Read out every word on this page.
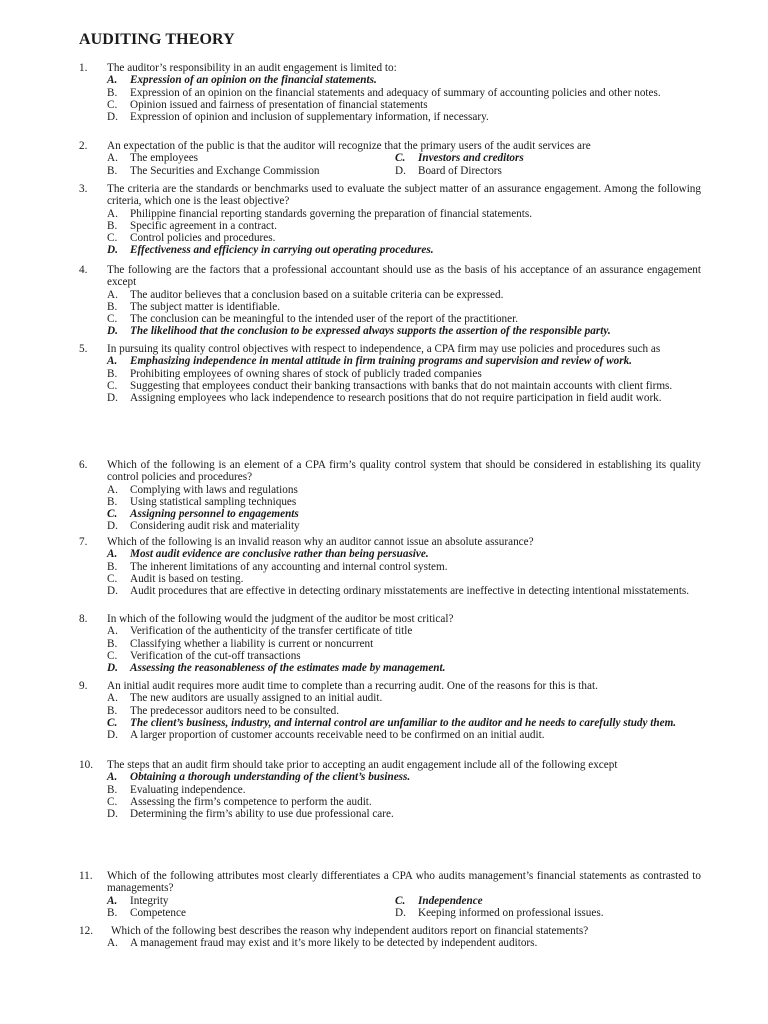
AUDITING THEORY
1. The auditor’s responsibility in an audit engagement is limited to:
A.	Expression of an opinion on the financial statements.
B.	Expression of an opinion on the financial statements and adequacy of summary of accounting policies and other notes.
C.	Opinion issued and fairness of presentation of financial statements
D.	Expression of opinion and inclusion of supplementary information, if necessary.
2. An expectation of the public is that the auditor will recognize that the primary users of the audit services are
A.	The employees	C.	Investors and creditors
B.	The Securities and Exchange Commission	D.	Board of Directors
3. The criteria are the standards or benchmarks used to evaluate the subject matter of an assurance engagement. Among the following criteria, which one is the least objective?
A.	Philippine financial reporting standards governing the preparation of financial statements.
B.	Specific agreement in a contract.
C.	Control policies and procedures.
D.	Effectiveness and efficiency in carrying out operating procedures.
4. The following are the factors that a professional accountant should use as the basis of his acceptance of an assurance engagement except
A.	The auditor believes that a conclusion based on a suitable criteria can be expressed.
B.	The subject matter is identifiable.
C.	The conclusion can be meaningful to the intended user of the report of the practitioner.
D.	The likelihood that the conclusion to be expressed always supports the assertion of the responsible party.
5. In pursuing its quality control objectives with respect to independence, a CPA firm may use policies and procedures such as
A.	Emphasizing independence in mental attitude in firm training programs and supervision and review of work.
B.	Prohibiting employees of owning shares of stock of publicly traded companies
C.	Suggesting that employees conduct their banking transactions with banks that do not maintain accounts with client firms.
D.	Assigning employees who lack independence to research positions that do not require participation in field audit work.
6. Which of the following is an element of a CPA firm’s quality control system that should be considered in establishing its quality control policies and procedures?
A.	Complying with laws and regulations
B.	Using statistical sampling techniques
C.	Assigning personnel to engagements
D.	Considering audit risk and materiality
7. Which of the following is an invalid reason why an auditor cannot issue an absolute assurance?
A.	Most audit evidence are conclusive rather than being persuasive.
B.	The inherent limitations of any accounting and internal control system.
C.	Audit is based on testing.
D.	Audit procedures that are effective in detecting ordinary misstatements are ineffective in detecting intentional misstatements.
8. In which of the following would the judgment of the auditor be most critical?
A.	Verification of the authenticity of the transfer certificate of title
B.	Classifying whether a liability is current or noncurrent
C.	Verification of the cut-off transactions
D.	Assessing the reasonableness of the estimates made by management.
9. An initial audit requires more audit time to complete than a recurring audit. One of the reasons for this is that.
A.	The new auditors are usually assigned to an initial audit.
B.	The predecessor auditors need to be consulted.
C.	The client’s business, industry, and internal control are unfamiliar to the auditor and he needs to carefully study them.
D.	A larger proportion of customer accounts receivable need to be confirmed on an initial audit.
10. The steps that an audit firm should take prior to accepting an audit engagement include all of the following except
A.	Obtaining a thorough understanding of the client’s business.
B.	Evaluating independence.
C.	Assessing the firm’s competence to perform the audit.
D.	Determining the firm’s ability to use due professional care.
11. Which of the following attributes most clearly differentiates a CPA who audits management’s financial statements as contrasted to managements?
A.	Integrity	C.	Independence
B.	Competence	D.	Keeping informed on professional issues.
12. Which of the following best describes the reason why independent auditors report on financial statements?
A.	A management fraud may exist and it’s more likely to be detected by independent auditors.
